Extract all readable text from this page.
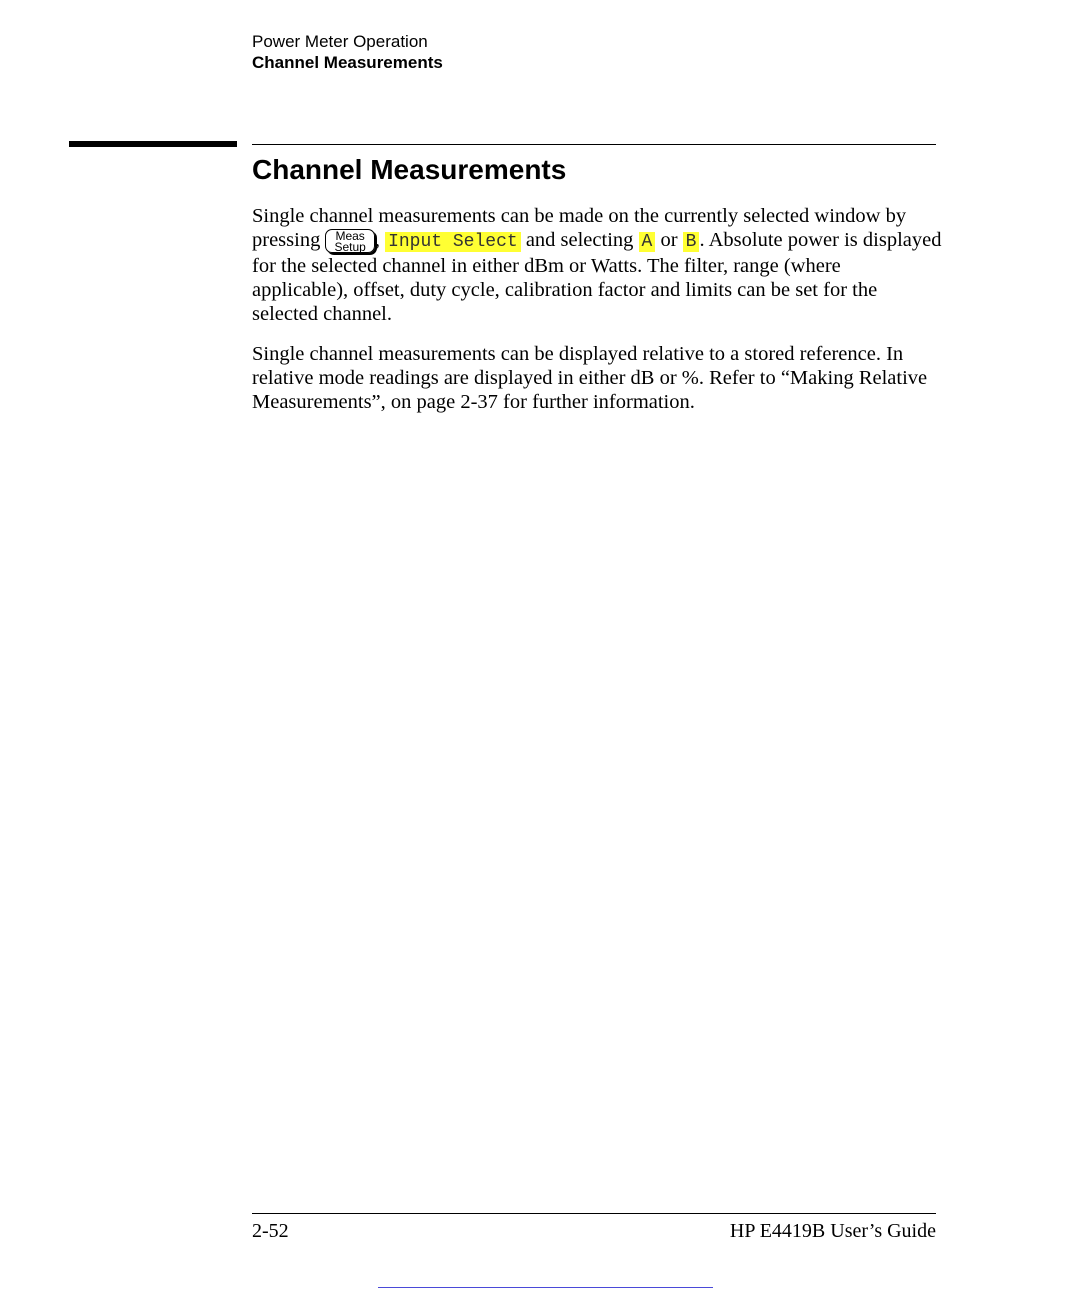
Power Meter Operation
Channel Measurements
Channel Measurements

Single channel measurements can be made on the currently selected window by pressing Meas
Setup , Input Select and selecting A or B . Absolute power is displayed for the selected channel in either dBm or Watts. The filter, range (where applicable), offset, duty cycle, calibration factor and limits can be set for the selected channel.

Single channel measurements can be displayed relative to a stored reference. In relative mode readings are displayed in either dB or %. Refer to “Making Relative Measurements”, on page 2-37 for further information.

2-52	HP E4419B User’s Guide
